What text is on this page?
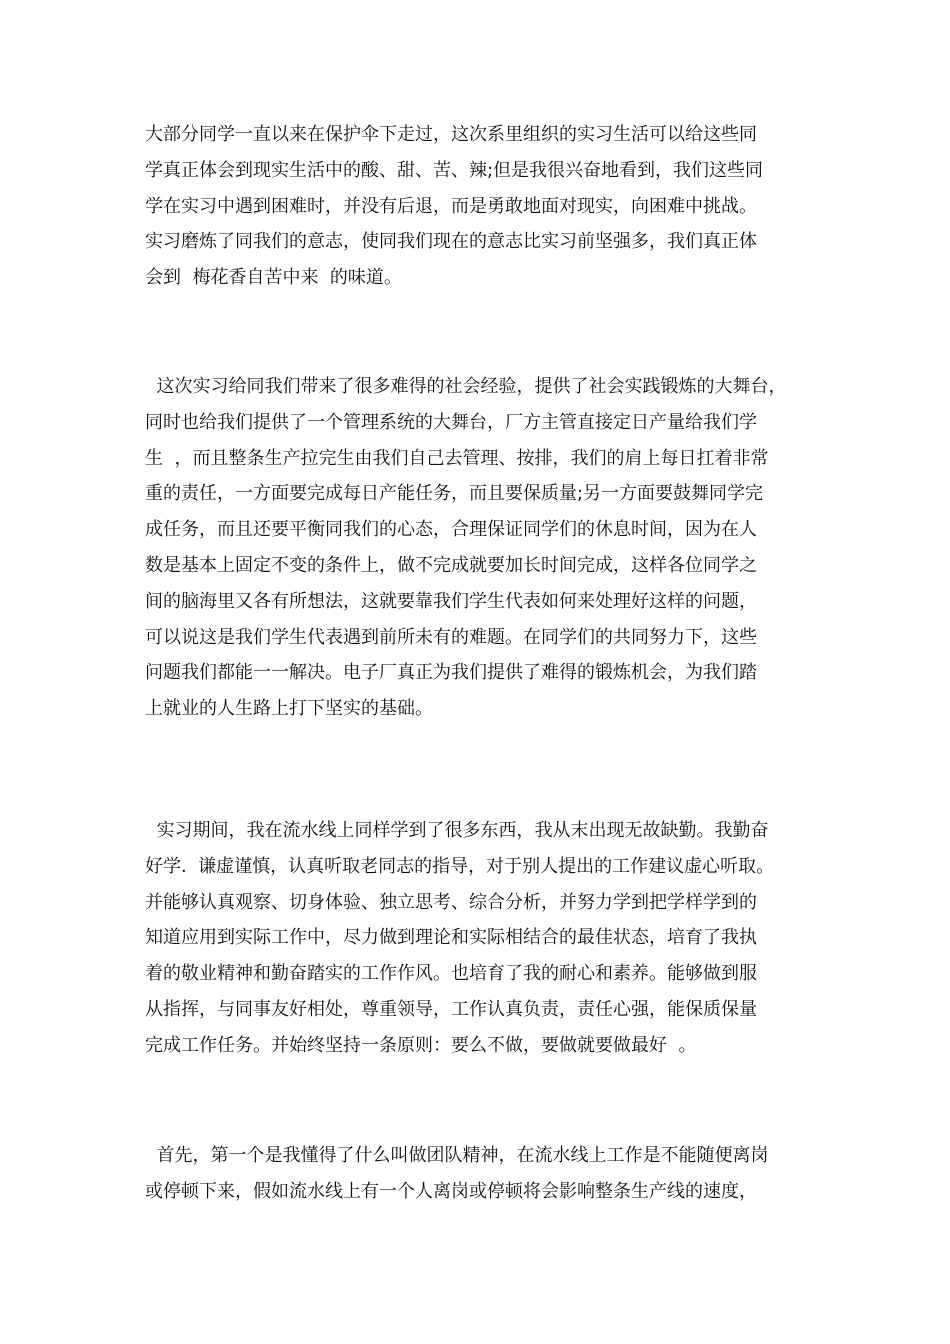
大部分同学一直以来在保护伞下走过，这次系里组织的实习生活可以给这些同
学真正体会到现实生活中的酸、甜、苦、辣;但是我很兴奋地看到，我们这些同
学在实习中遇到困难时，并没有后退，而是勇敢地面对现实，向困难中挑战。
实习磨炼了同我们的意志，使同我们现在的意志比实习前坚强多，我们真正体
会到  梅花香自苦中来  的味道。
这次实习给同我们带来了很多难得的社会经验，提供了社会实践锻炼的大舞台，
同时也给我们提供了一个管理系统的大舞台，厂方主管直接定日产量给我们学
生  ，而且整条生产拉完生由我们自己去管理、按排，我们的肩上每日扛着非常
重的责任，一方面要完成每日产能任务，而且要保质量;另一方面要鼓舞同学完
成任务，而且还要平衡同我们的心态，合理保证同学们的休息时间，因为在人
数是基本上固定不变的条件上，做不完成就要加长时间完成，这样各位同学之
间的脑海里又各有所想法，这就要靠我们学生代表如何来处理好这样的问题，
可以说这是我们学生代表遇到前所未有的难题。在同学们的共同努力下，这些
问题我们都能一一解决。电子厂真正为我们提供了难得的锻炼机会，为我们踏
上就业的人生路上打下坚实的基础。
实习期间，我在流水线上同样学到了很多东西，我从末出现无故缺勤。我勤奋
好学.  谦虚谨慎，认真听取老同志的指导，对于别人提出的工作建议虚心听取。
并能够认真观察、切身体验、独立思考、综合分析，并努力学到把学样学到的
知道应用到实际工作中，尽力做到理论和实际相结合的最佳状态，培育了我执
着的敬业精神和勤奋踏实的工作作风。也培育了我的耐心和素养。能够做到服
从指挥，与同事友好相处，尊重领导，工作认真负责，责任心强，能保质保量
完成工作任务。并始终坚持一条原则：要么不做，要做就要做最好  。
首先，第一个是我懂得了什么叫做团队精神，在流水线上工作是不能随便离岗
或停顿下来，假如流水线上有一个人离岗或停顿将会影响整条生产线的速度，
